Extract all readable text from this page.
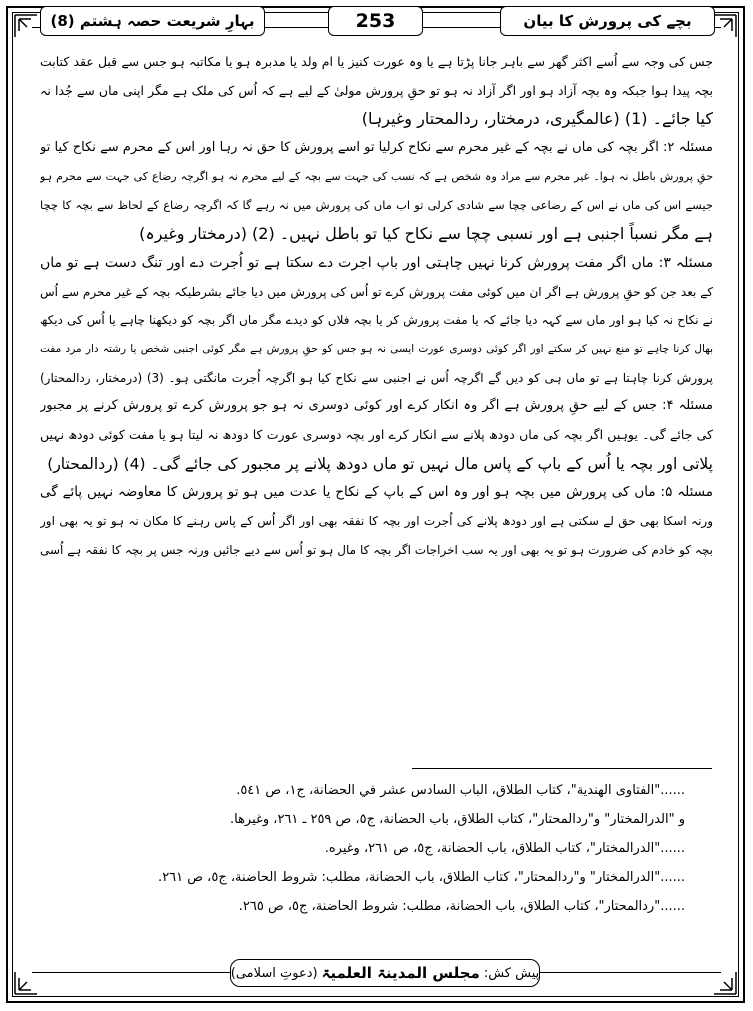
بہارِ شریعت حصہ ہشتم (8)	253	بچے کی پرورش کا بیان
جس کی وجہ سے اُسے اکثر گھر سے باہر جانا پڑتا ہے یا وہ عورت کنیز یا ام ولد یا مدبرہ ہو یا مکاتبہ ہو جس سے قبل عقد کتابت
بچہ پیدا ہوا جبکہ وہ بچہ آزاد ہو اور اگر آزاد نہ ہو تو حقِ پرورش مولیٰ کے لیے ہے کہ اُس کی ملک ہے مگر اپنی ماں سے جُدا نہ
کیا جائے۔ (1) (عالمگیری، درمختار، ردالمحتار وغیرہا)
مسئلہ ۲: اگر بچہ کی ماں نے بچہ کے غیر محرم سے نکاح کرلیا تو اسے پرورش کا حق نہ رہا اور اس کے محرم سے نکاح کیا تو
حقِ پرورش باطل نہ ہوا۔ غیر محرم سے مراد وہ شخص ہے کہ نسب کی جہت سے بچہ کے لیے محرم نہ ہو اگرچہ رضاع کی جہت سے محرم ہو
جیسے اس کی ماں نے اس کے رضاعی چچا سے شادی کرلی تو اب ماں کی پرورش میں نہ رہے گا کہ اگرچہ رضاع کے لحاظ سے بچہ کا چچا
ہے مگر نسباً اجنبی ہے اور نسبی چچا سے نکاح کیا تو باطل نہیں۔ (2) (درمختار وغیرہ)
مسئلہ ۳: ماں اگر مفت پرورش کرنا نہیں چاہتی اور باپ اجرت دے سکتا ہے تو اُجرت دے اور تنگ دست ہے تو ماں
کے بعد جن کو حقِ پرورش ہے اگر ان میں کوئی مفت پرورش کرے تو اُس کی پرورش میں دیا جائے بشرطیکہ بچہ کے غیر محرم سے اُس
نے نکاح نہ کیا ہو اور ماں سے کہہ دیا جائے کہ یا مفت پرورش کر یا بچہ فلاں کو دیدے مگر ماں اگر بچہ کو دیکھنا چاہے یا اُس کی دیکھ
بھال کرنا چاہے تو منع نہیں کر سکتے اور اگر کوئی دوسری عورت ایسی نہ ہو جس کو حقِ پرورش ہے مگر کوئی اجنبی شخص یا رشتہ دار مرد مفت
پرورش کرنا چاہتا ہے تو ماں ہی کو دیں گے اگرچہ اُس نے اجنبی سے نکاح کیا ہو اگرچہ اُجرت مانگتی ہو۔ (3) (درمختار، ردالمحتار)
مسئلہ ۴: جس کے لیے حقِ پرورش ہے اگر وہ انکار کرے اور کوئی دوسری نہ ہو جو پرورش کرے تو پرورش کرنے پر مجبور
کی جائے گی۔ یوہیں اگر بچہ کی ماں دودھ پلانے سے انکار کرے اور بچہ دوسری عورت کا دودھ نہ لیتا ہو یا مفت کوئی دودھ نہیں
پلاتی اور بچہ یا اُس کے باپ کے پاس مال نہیں تو ماں دودھ پلانے پر مجبور کی جائے گی۔ (4) (ردالمحتار)
مسئلہ ۵: ماں کی پرورش میں بچہ ہو اور وہ اس کے باپ کے نکاح یا عدت میں ہو تو پرورش کا معاوضہ نہیں پائے گی
ورنہ اسکا بھی حق لے سکتی ہے اور دودھ پلانے کی اُجرت اور بچہ کا نفقہ بھی اور اگر اُس کے پاس رہنے کا مکان نہ ہو تو یہ بھی اور
بچہ کو خادم کی ضرورت ہو تو یہ بھی اور یہ سب اخراجات اگر بچہ کا مال ہو تو اُس سے دیے جائیں ورنہ جس پر بچہ کا نفقہ ہے اُسی
......"الفتاوی الهندية"، كتاب الطلاق، الباب السادس عشر في الحضانة، ج١، ص ٥٤١.
و "الدرالمختار" و"ردالمحتار"، كتاب الطلاق، باب الحضانة، ج٥، ص ٢٥٩ ـ ٢٦١، وغيرها.
......"الدرالمختار"، كتاب الطلاق، باب الحضانة، ج٥، ص ٢٦١، وغيره.
......"الدرالمختار" و"ردالمحتار"، كتاب الطلاق، باب الحضانة، مطلب: شروط الحاضنة، ج٥، ص ٢٦١.
......"ردالمحتار"، كتاب الطلاق، باب الحضانة، مطلب: شروط الحاضنة، ج٥، ص ٢٦٥.
پیش کش:
مجلس المدینۃ العلمیۃ
(دعوتِ اسلامی)
